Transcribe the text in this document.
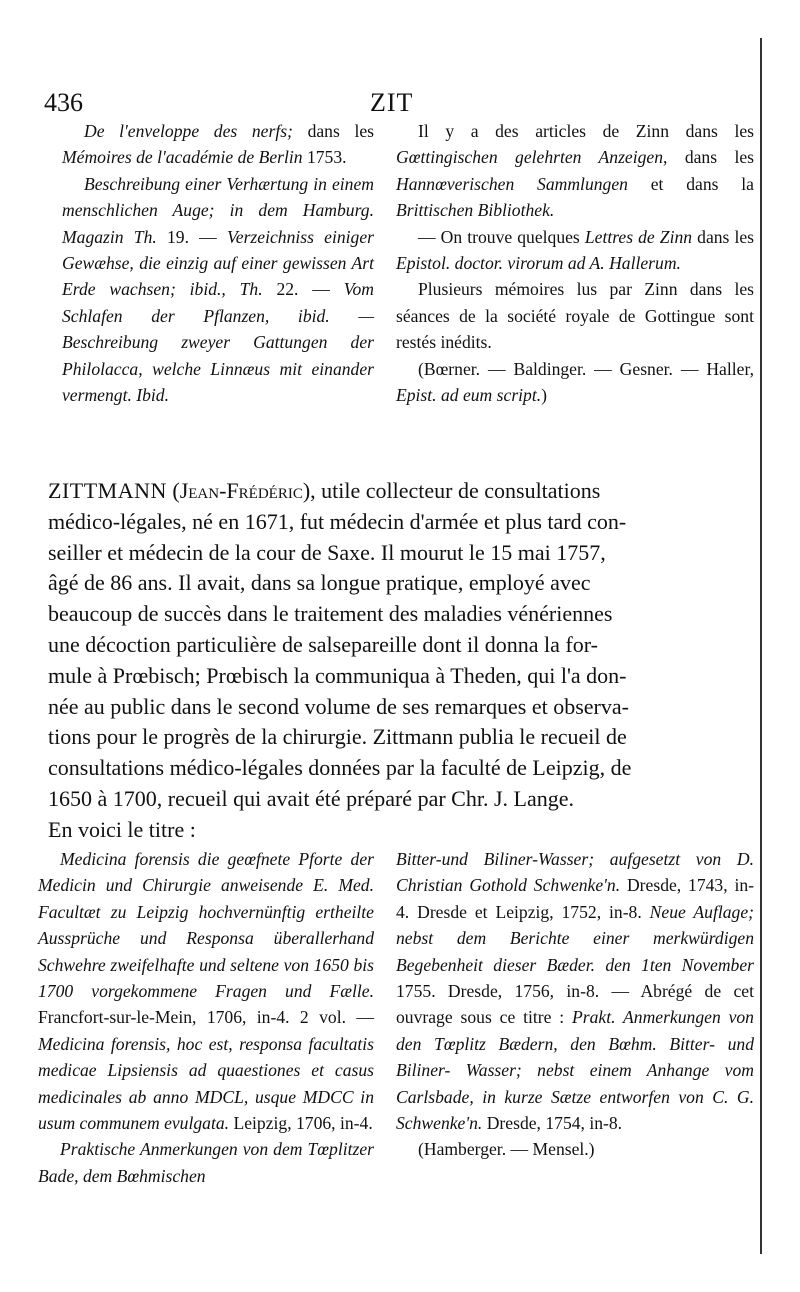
436	ZIT

De l'enveloppe des nerfs; dans les Mémoires de l'académie de Berlin 1753.

Beschreibung einer Verhærtung in einem menschlichen Auge; in dem Hamburg. Magazin Th. 19. — Verzeichniss einiger Gewæhse, die einzig auf einer gewissen Art Erde wachsen; ibid., Th. 22. — Vom Schlafen der Pflanzen, ibid. — Beschreibung zweyer Gattungen der Philolacca, welche Linnæus mit einander vermengt. Ibid.

Il y a des articles de Zinn dans les Gœttingischen gelehrten Anzeigen, dans les Hannœverischen Sammlungen et dans la Brittischen Bibliothek.

— On trouve quelques Lettres de Zinn dans les Epistol. doctor. virorum ad A. Hallerum.

Plusieurs mémoires lus par Zinn dans les séances de la société royale de Gottingue sont restés inédits.

(Bœrner. — Baldinger. — Gesner. — Haller, Epist. ad eum script.)

ZITTMANN (Jean-Frédéric), utile collecteur de consultations
médico-légales, né en 1671, fut médecin d'armée et plus tard con-
seiller et médecin de la cour de Saxe. Il mourut le 15 mai 1757,
âgé de 86 ans. Il avait, dans sa longue pratique, employé avec
beaucoup de succès dans le traitement des maladies vénériennes
une décoction particulière de salsepareille dont il donna la for-
mule à Prœbisch; Prœbisch la communiqua à Theden, qui l'a don-
née au public dans le second volume de ses remarques et observa-
tions pour le progrès de la chirurgie. Zittmann publia le recueil de
consultations médico-légales données par la faculté de Leipzig, de
1650 à 1700, recueil qui avait été préparé par Chr. J. Lange.
En voici le titre :

Medicina forensis die geœfnete Pforte der Medicin und Chirurgie anweisende E. Med. Facultæt zu Leipzig hochvernünftig ertheilte Aussprüche und Responsa überallerhand Schwehre zweifelhafte und seltene von 1650 bis 1700 vorgekommene Fragen und Fælle. Francfort-sur-le-Mein, 1706, in-4. 2 vol. — Medicina forensis, hoc est, responsa facultatis medicae Lipsiensis ad quaestiones et casus medicinales ab anno MDCL, usque MDCC in usum communem evulgata. Leipzig, 1706, in-4.

Praktische Anmerkungen von dem Tœplitzer Bade, dem Bœhmischen

Bitter-und Biliner-Wasser; aufgesetzt von D. Christian Gothold Schwenke'n. Dresde, 1743, in-4. Dresde et Leipzig, 1752, in-8. Neue Auflage; nebst dem Berichte einer merkwürdigen Begebenheit dieser Bæder. den 1ten November 1755. Dresde, 1756, in-8. — Abrégé de cet ouvrage sous ce titre : Prakt. Anmerkungen von den Tœplitz Bædern, den Bœhm. Bitter- und Biliner- Wasser; nebst einem Anhange vom Carlsbade, in kurze Sætze entworfen von C. G. Schwenke'n. Dresde, 1754, in-8.

(Hamberger. — Mensel.)
